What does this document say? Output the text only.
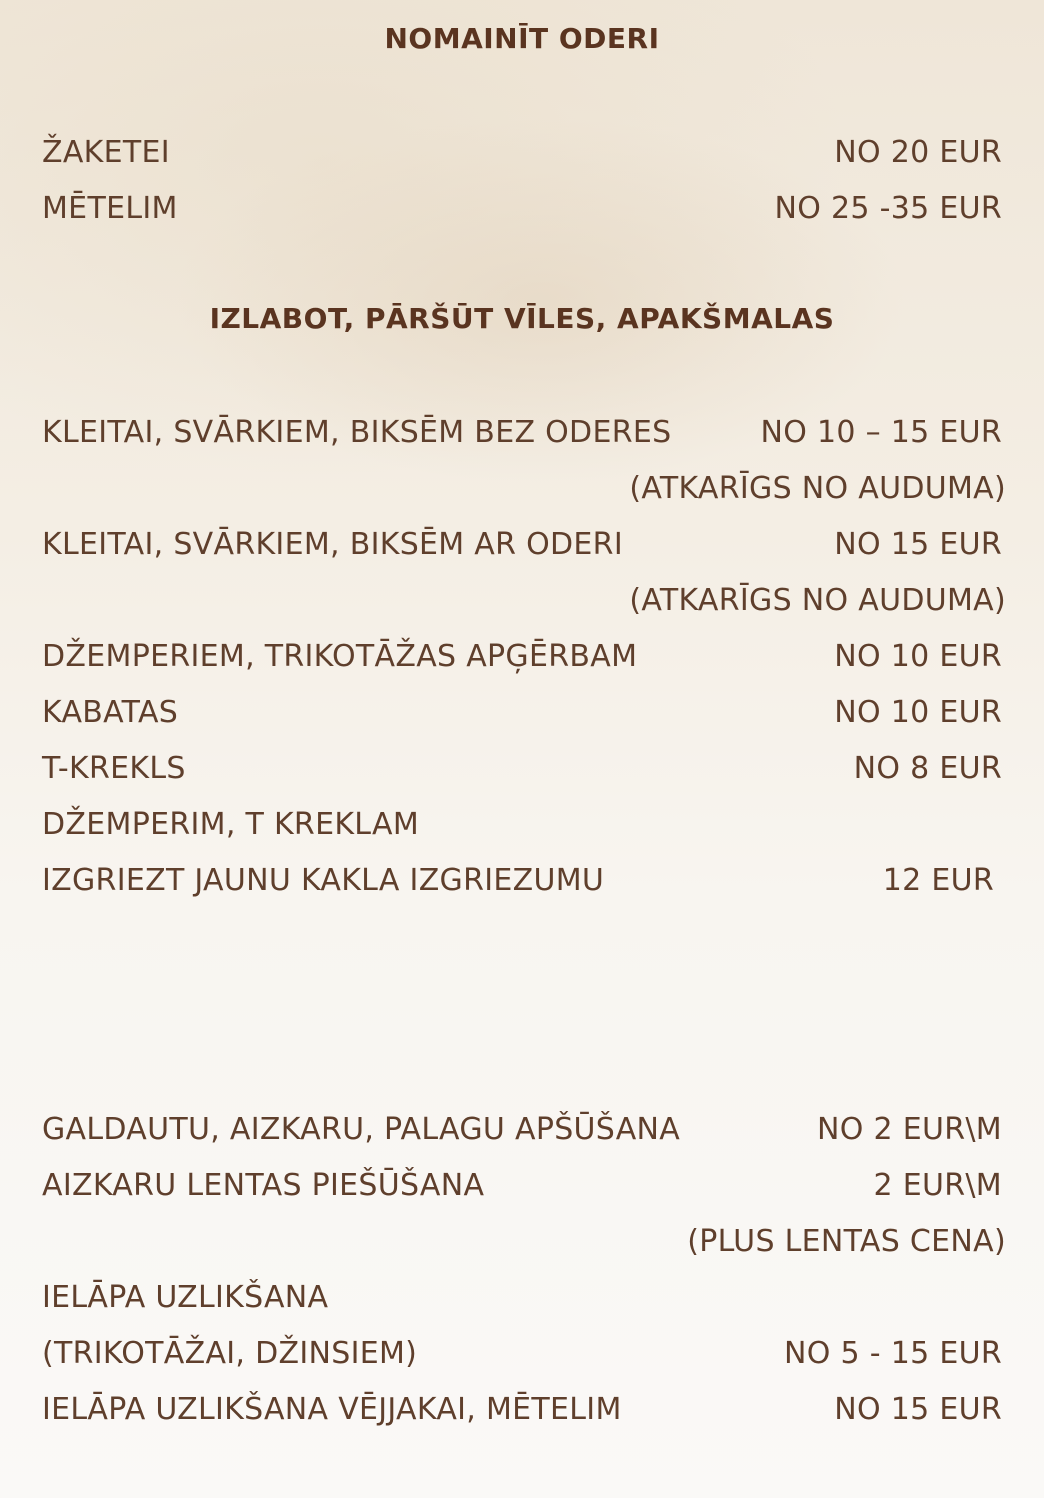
NOMAINĪT ODERI
ŽAKETEI	NO 20 EUR
MĒTELIM	NO 25 -35 EUR
IZLABOT, PĀRŠŪT VĪLES, APAKŠMALAS
KLEITAI, SVĀRKIEM, BIKSĒM BEZ ODERES	NO 10 – 15 EUR
(ATKARĪGS NO AUDUMA)
KLEITAI, SVĀRKIEM, BIKSĒM AR ODERI	NO 15 EUR
(ATKARĪGS NO AUDUMA)
DŽEMPERIEM, TRIKOTĀŽAS APĢĒRBAM	NO 10 EUR
KABATAS	NO 10 EUR
T-KREKLS	NO 8 EUR
DŽEMPERIM, T KREKLAM
IZGRIEZT JAUNU KAKLA IZGRIEZUMU	12 EUR
GALDAUTU, AIZKARU, PALAGU APŠŪŠANA	NO 2 EUR\M
AIZKARU LENTAS PIEŠŪŠANA	2 EUR\M
(PLUS LENTAS CENA)
IELĀPA UZLIKŠANA
(TRIKOTĀŽAI, DŽINSIEM)	NO 5 - 15 EUR
IELĀPA UZLIKŠANA VĒJJAKAI, MĒTELIM	NO 15 EUR
